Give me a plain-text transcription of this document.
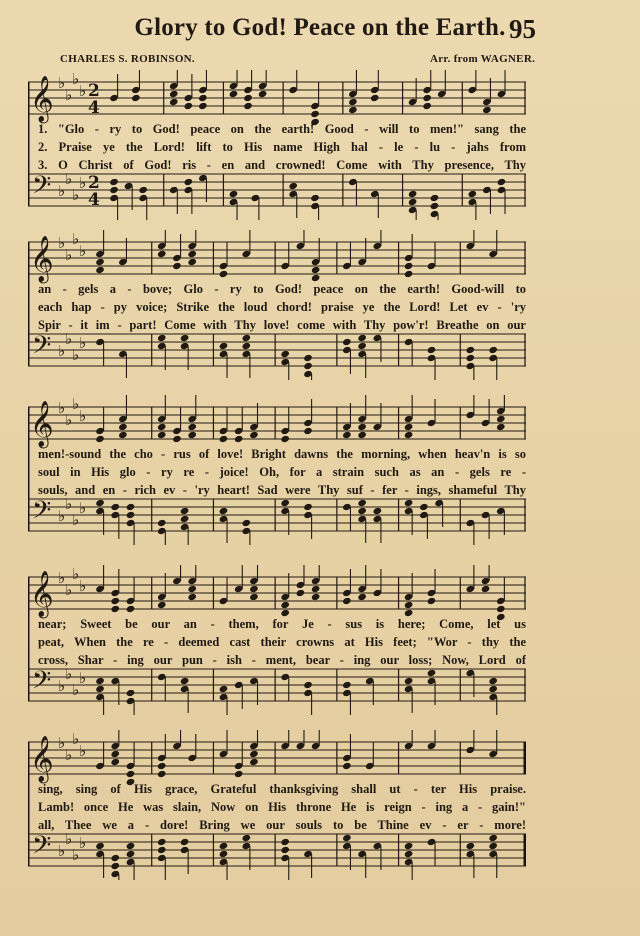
Glory to God! Peace on the Earth. 95
CHARLES S. ROBINSON.	Arr. from WAGNER.
𝄞 ♭
♭
♭
♭ 2
4
𝄢 ♭
♭
♭
♭ 2
4
1. "Glo - ry to God! peace on the earth! Good - will to men!" sang the
2. Praise ye the Lord! lift to His name High hal - le - lu - jahs from
3. O Christ of God! ris - en and crowned! Come with Thy presence, Thy
𝄞 ♭
♭
♭
♭
𝄢 ♭
♭
♭
♭
an - gels a - bove; Glo - ry to God! peace on the earth! Good-will to
each hap - py voice; Strike the loud chord! praise ye the Lord! Let ev - 'ry
Spir - it im - part! Come with Thy love! come with Thy pow'r! Breathe on our
𝄞 ♭
♭
♭
♭
𝄢 ♭
♭
♭
♭
men!-sound the cho - rus of love! Bright dawns the morning, when heav'n is so
soul in His glo - ry re - joice! Oh, for a strain such as an - gels re -
souls, and en - rich ev - 'ry heart! Sad were Thy suf - fer - ings, shameful Thy
𝄞 ♭
♭
♭
♭
𝄢 ♭
♭
♭
♭
near; Sweet be our an - them, for Je - sus is here; Come, let us
peat, When the re - deemed cast their crowns at His feet; "Wor - thy the
cross, Shar - ing our pun - ish - ment, bear - ing our loss; Now, Lord of
𝄞 ♭
♭
♭
♭
𝄢 ♭
♭
♭
♭
sing, sing of His grace, Grateful thanksgiving shall ut - ter His praise.
Lamb! once He was slain, Now on His throne He is reign - ing a - gain!"
all, Thee we a - dore! Bring we our souls to be Thine ev - er - more!
